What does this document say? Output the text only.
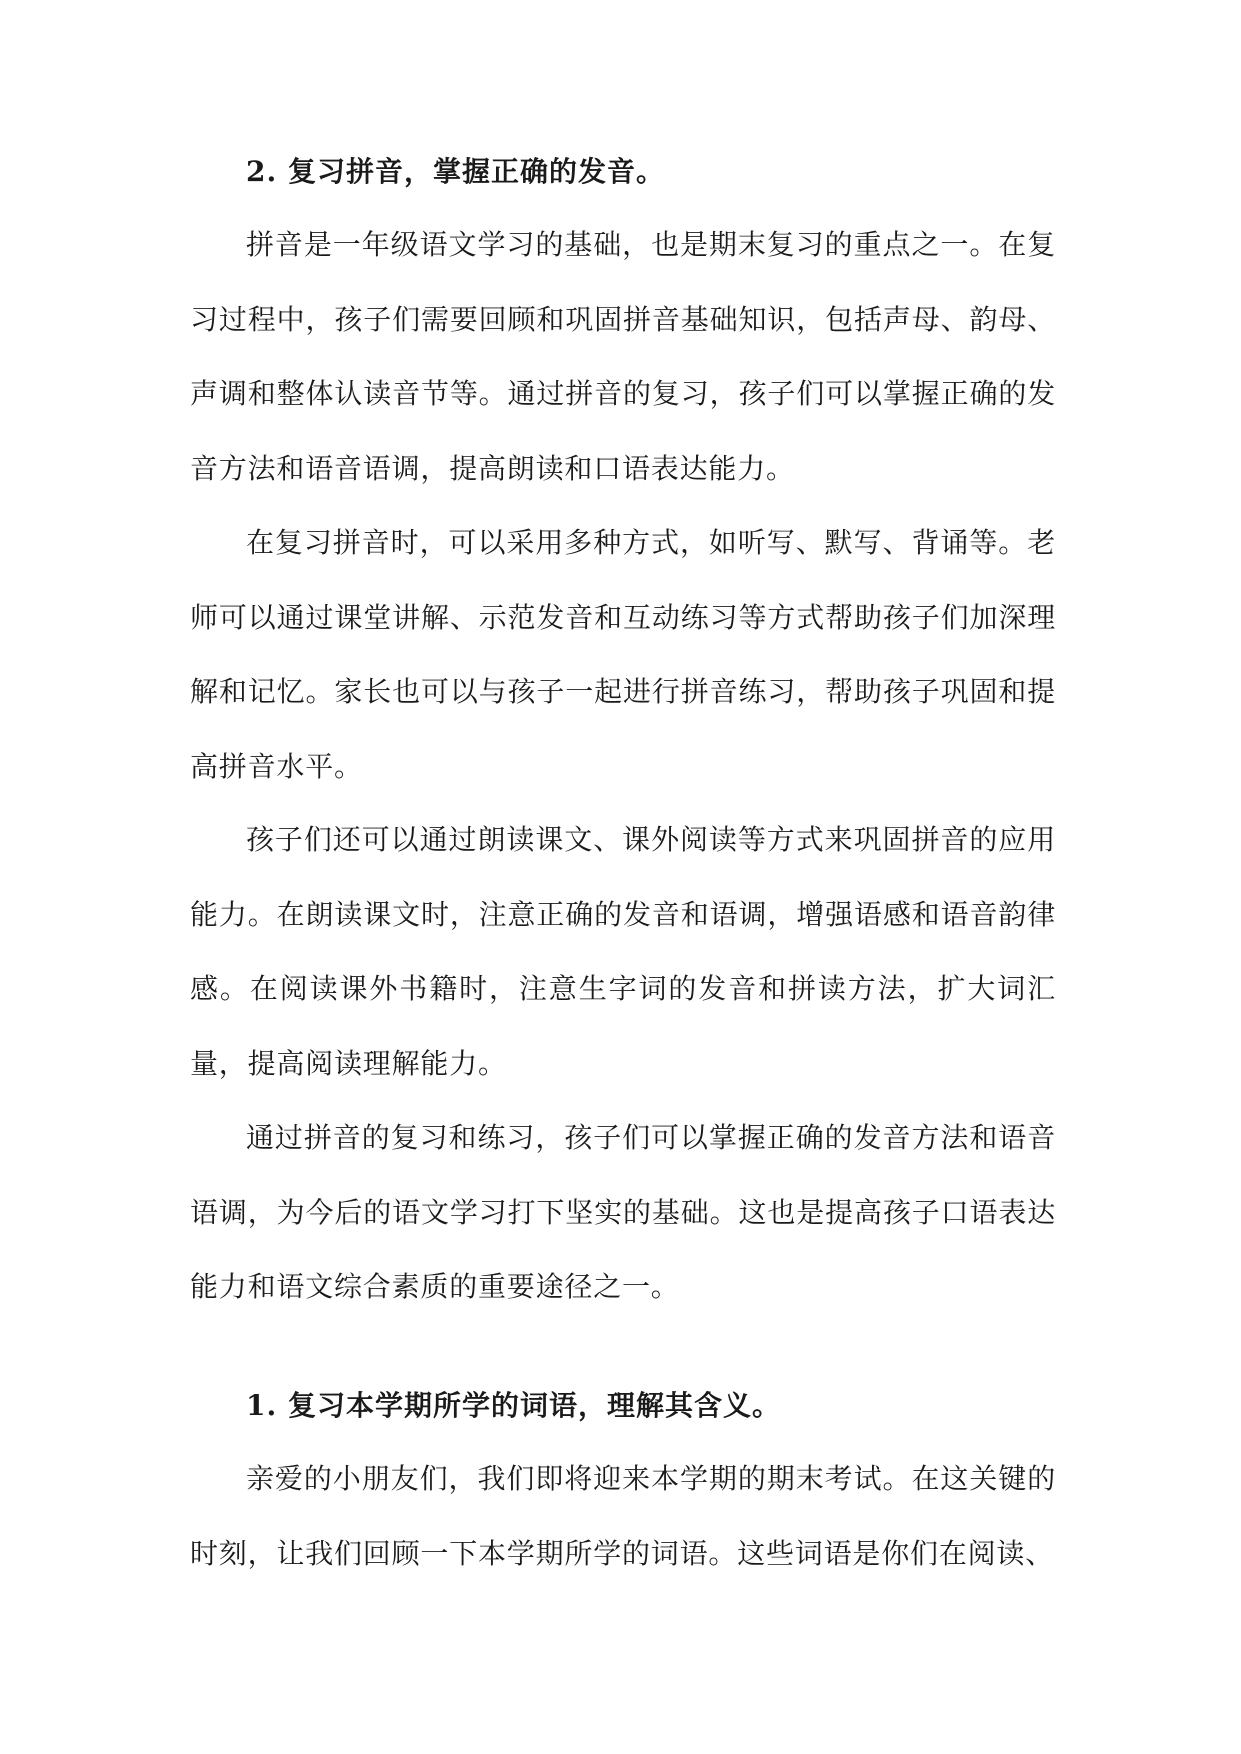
2. 复习拼音，掌握正确的发音。

拼音是一年级语文学习的基础，也是期末复习的重点之一。在复习过程中，孩子们需要回顾和巩固拼音基础知识，包括声母、韵母、声调和整体认读音节等。通过拼音的复习，孩子们可以掌握正确的发音方法和语音语调，提高朗读和口语表达能力。

在复习拼音时，可以采用多种方式，如听写、默写、背诵等。老师可以通过课堂讲解、示范发音和互动练习等方式帮助孩子们加深理解和记忆。家长也可以与孩子一起进行拼音练习，帮助孩子巩固和提高拼音水平。

孩子们还可以通过朗读课文、课外阅读等方式来巩固拼音的应用能力。在朗读课文时，注意正确的发音和语调，增强语感和语音韵律感。在阅读课外书籍时，注意生字词的发音和拼读方法，扩大词汇量，提高阅读理解能力。

通过拼音的复习和练习，孩子们可以掌握正确的发音方法和语音语调，为今后的语文学习打下坚实的基础。这也是提高孩子口语表达能力和语文综合素质的重要途径之一。

1. 复习本学期所学的词语，理解其含义。

亲爱的小朋友们，我们即将迎来本学期的期末考试。在这关键的时刻，让我们回顾一下本学期所学的词语。这些词语是你们在阅读、
